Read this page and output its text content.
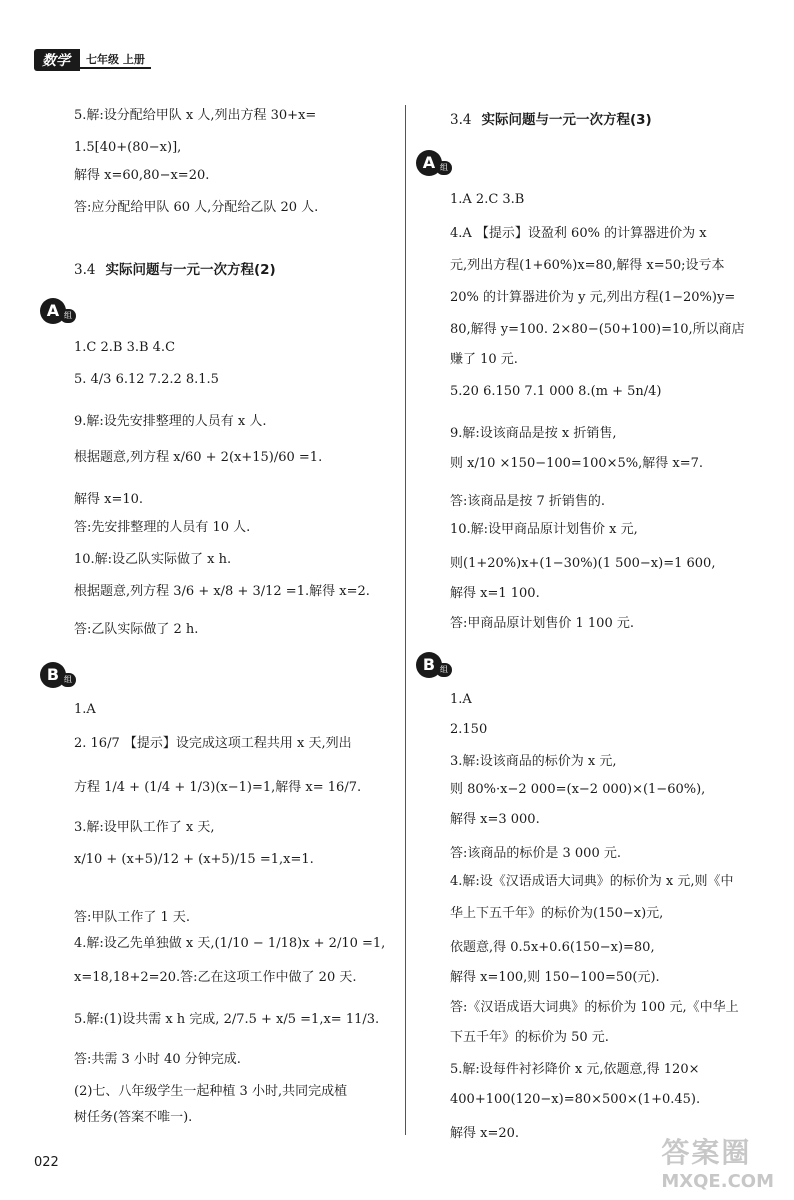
数学	七年级 上册
5.解:设分配给甲队 x 人,列出方程 30+x=
1.5[40+(80−x)],
解得 x=60,80−x=20.
答:应分配给甲队 60 人,分配给乙队 20 人.
3.4 实际问题与一元一次方程(2)
A 组
1.C 2.B 3.B 4.C
5. 4/3 6.12 7.2.2 8.1.5
9.解:设先安排整理的人员有 x 人.
根据题意,列方程 x/60 + 2(x+15)/60 =1.
解得 x=10.
答:先安排整理的人员有 10 人.
10.解:设乙队实际做了 x h.
根据题意,列方程 3/6 + x/8 + 3/12 =1.解得 x=2.
答:乙队实际做了 2 h.
B 组
1.A
2. 16/7 【提示】设完成这项工程共用 x 天,列出
方程 1/4 + (1/4 + 1/3)(x−1)=1,解得 x= 16/7.
3.解:设甲队工作了 x 天,
x/10 + (x+5)/12 + (x+5)/15 =1,x=1.
答:甲队工作了 1 天.
4.解:设乙先单独做 x 天,(1/10 − 1/18)x + 2/10 =1,
x=18,18+2=20.答:乙在这项工作中做了 20 天.
5.解:(1)设共需 x h 完成, 2/7.5 + x/5 =1,x= 11/3.
答:共需 3 小时 40 分钟完成.
(2)七、八年级学生一起种植 3 小时,共同完成植
树任务(答案不唯一).
3.4 实际问题与一元一次方程(3)
A 组
1.A 2.C 3.B
4.A 【提示】设盈利 60% 的计算器进价为 x
元,列出方程(1+60%)x=80,解得 x=50;设亏本
20% 的计算器进价为 y 元,列出方程(1−20%)y=
80,解得 y=100. 2×80−(50+100)=10,所以商店
赚了 10 元.
5.20 6.150 7.1 000 8.(m + 5n/4)
9.解:设该商品是按 x 折销售,
则 x/10 ×150−100=100×5%,解得 x=7.
答:该商品是按 7 折销售的.
10.解:设甲商品原计划售价 x 元,
则(1+20%)x+(1−30%)(1 500−x)=1 600,
解得 x=1 100.
答:甲商品原计划售价 1 100 元.
B 组
1.A
2.150
3.解:设该商品的标价为 x 元,
则 80%·x−2 000=(x−2 000)×(1−60%),
解得 x=3 000.
答:该商品的标价是 3 000 元.
4.解:设《汉语成语大词典》的标价为 x 元,则《中
华上下五千年》的标价为(150−x)元,
依题意,得 0.5x+0.6(150−x)=80,
解得 x=100,则 150−100=50(元).
答:《汉语成语大词典》的标价为 100 元,《中华上
下五千年》的标价为 50 元.
5.解:设每件衬衫降价 x 元,依题意,得 120×
400+100(120−x)=80×500×(1+0.45).
解得 x=20.
022	答案圈
MXQE.COM
